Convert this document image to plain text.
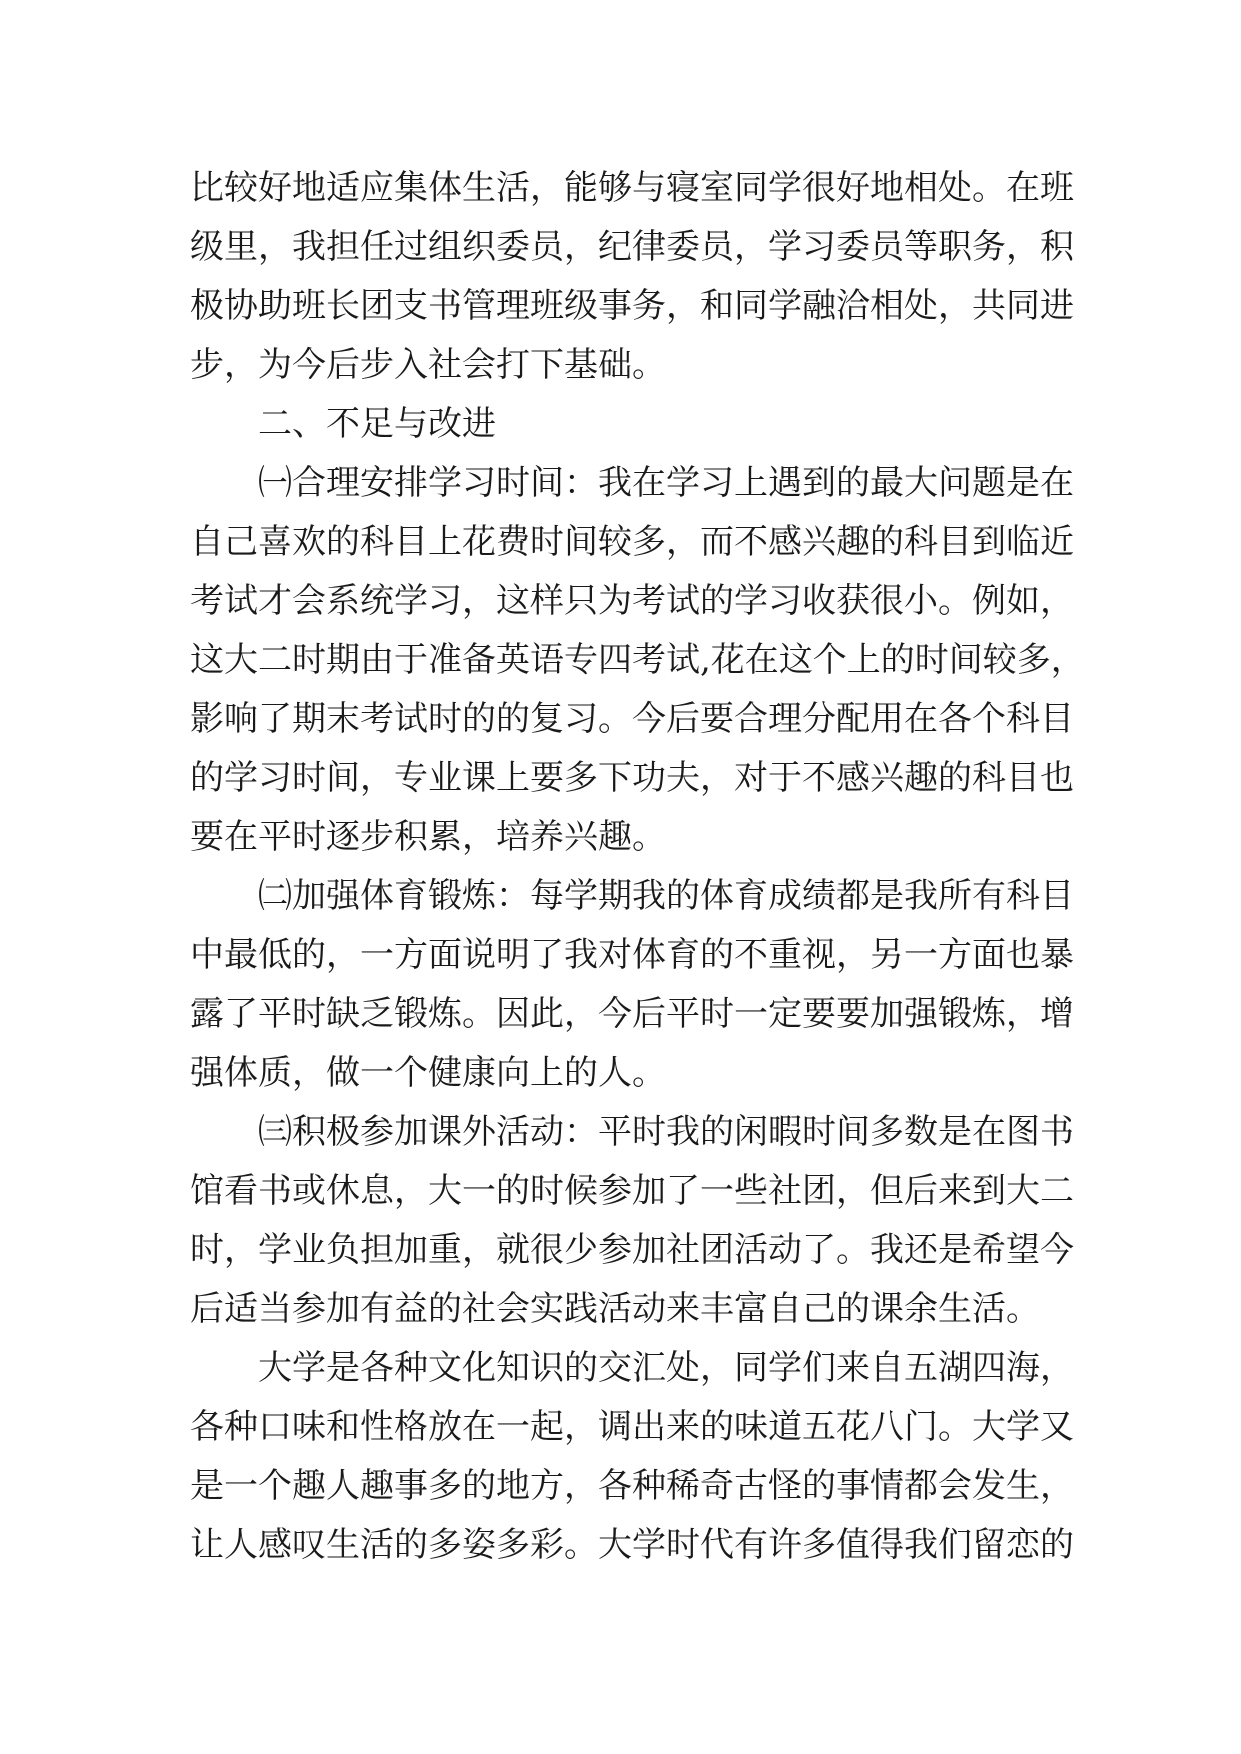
比较好地适应集体生活，能够与寝室同学很好地相处。在班
级里，我担任过组织委员，纪律委员，学习委员等职务，积
极协助班长团支书管理班级事务，和同学融洽相处，共同进
步，为今后步入社会打下基础。
二、不足与改进
㈠合理安排学习时间：我在学习上遇到的最大问题是在
自己喜欢的科目上花费时间较多，而不感兴趣的科目到临近
考试才会系统学习，这样只为考试的学习收获很小。例如，
这大二时期由于准备英语专四考试,花在这个上的时间较多，
影响了期末考试时的的复习。今后要合理分配用在各个科目
的学习时间，专业课上要多下功夫，对于不感兴趣的科目也
要在平时逐步积累，培养兴趣。
㈡加强体育锻炼：每学期我的体育成绩都是我所有科目
中最低的，一方面说明了我对体育的不重视，另一方面也暴
露了平时缺乏锻炼。因此，今后平时一定要要加强锻炼，增
强体质，做一个健康向上的人。
㈢积极参加课外活动：平时我的闲暇时间多数是在图书
馆看书或休息，大一的时候参加了一些社团，但后来到大二
时，学业负担加重，就很少参加社团活动了。我还是希望今
后适当参加有益的社会实践活动来丰富自己的课余生活。
大学是各种文化知识的交汇处，同学们来自五湖四海，
各种口味和性格放在一起，调出来的味道五花八门。大学又
是一个趣人趣事多的地方，各种稀奇古怪的事情都会发生，
让人感叹生活的多姿多彩。大学时代有许多值得我们留恋的
